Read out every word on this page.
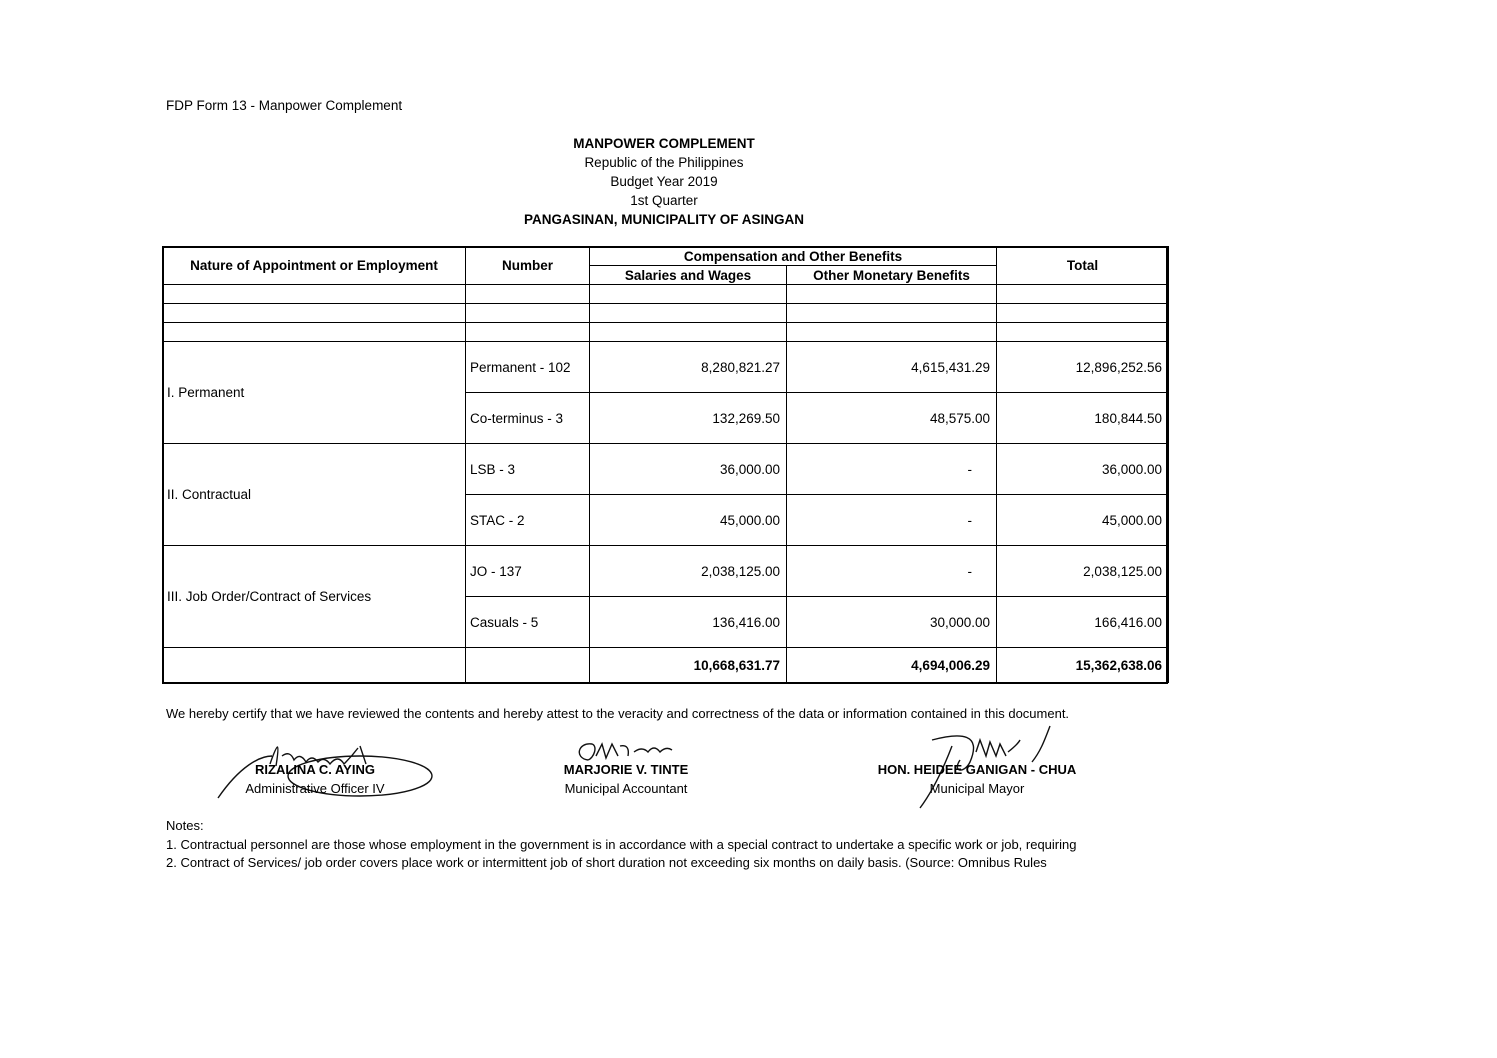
FDP Form 13 - Manpower Complement
MANPOWER COMPLEMENT
Republic of the Philippines
Budget Year 2019
1st Quarter
PANGASINAN, MUNICIPALITY OF ASINGAN
Nature of Appointment or Employment	Number	Compensation and Other Benefits		Total
		Salaries and Wages	Other Monetary Benefits	

I. Permanent	Permanent - 102	8,280,821.27	4,615,431.29	12,896,252.56
	Co-terminus - 3	132,269.50	48,575.00	180,844.50
II. Contractual	LSB - 3	36,000.00	-	36,000.00
	STAC - 2	45,000.00	-	45,000.00
III. Job Order/Contract of Services	JO - 137	2,038,125.00	-	2,038,125.00
	Casuals - 5	136,416.00	30,000.00	166,416.00
		10,668,631.77	4,694,006.29	15,362,638.06
We hereby certify that we have reviewed the contents and hereby attest to the veracity and correctness of the data or information contained in this document.
RIZALINA C. AYING
Administrative Officer IV
MARJORIE V. TINTE
Municipal Accountant
HON. HEIDEE GANIGAN - CHUA
Municipal Mayor
Notes:
1. Contractual personnel are those whose employment in the government is in accordance with a special contract to undertake a specific work or job, requiring
2. Contract of Services/ job order covers place work or intermittent job of short duration not exceeding six months on daily basis. (Source: Omnibus Rules
